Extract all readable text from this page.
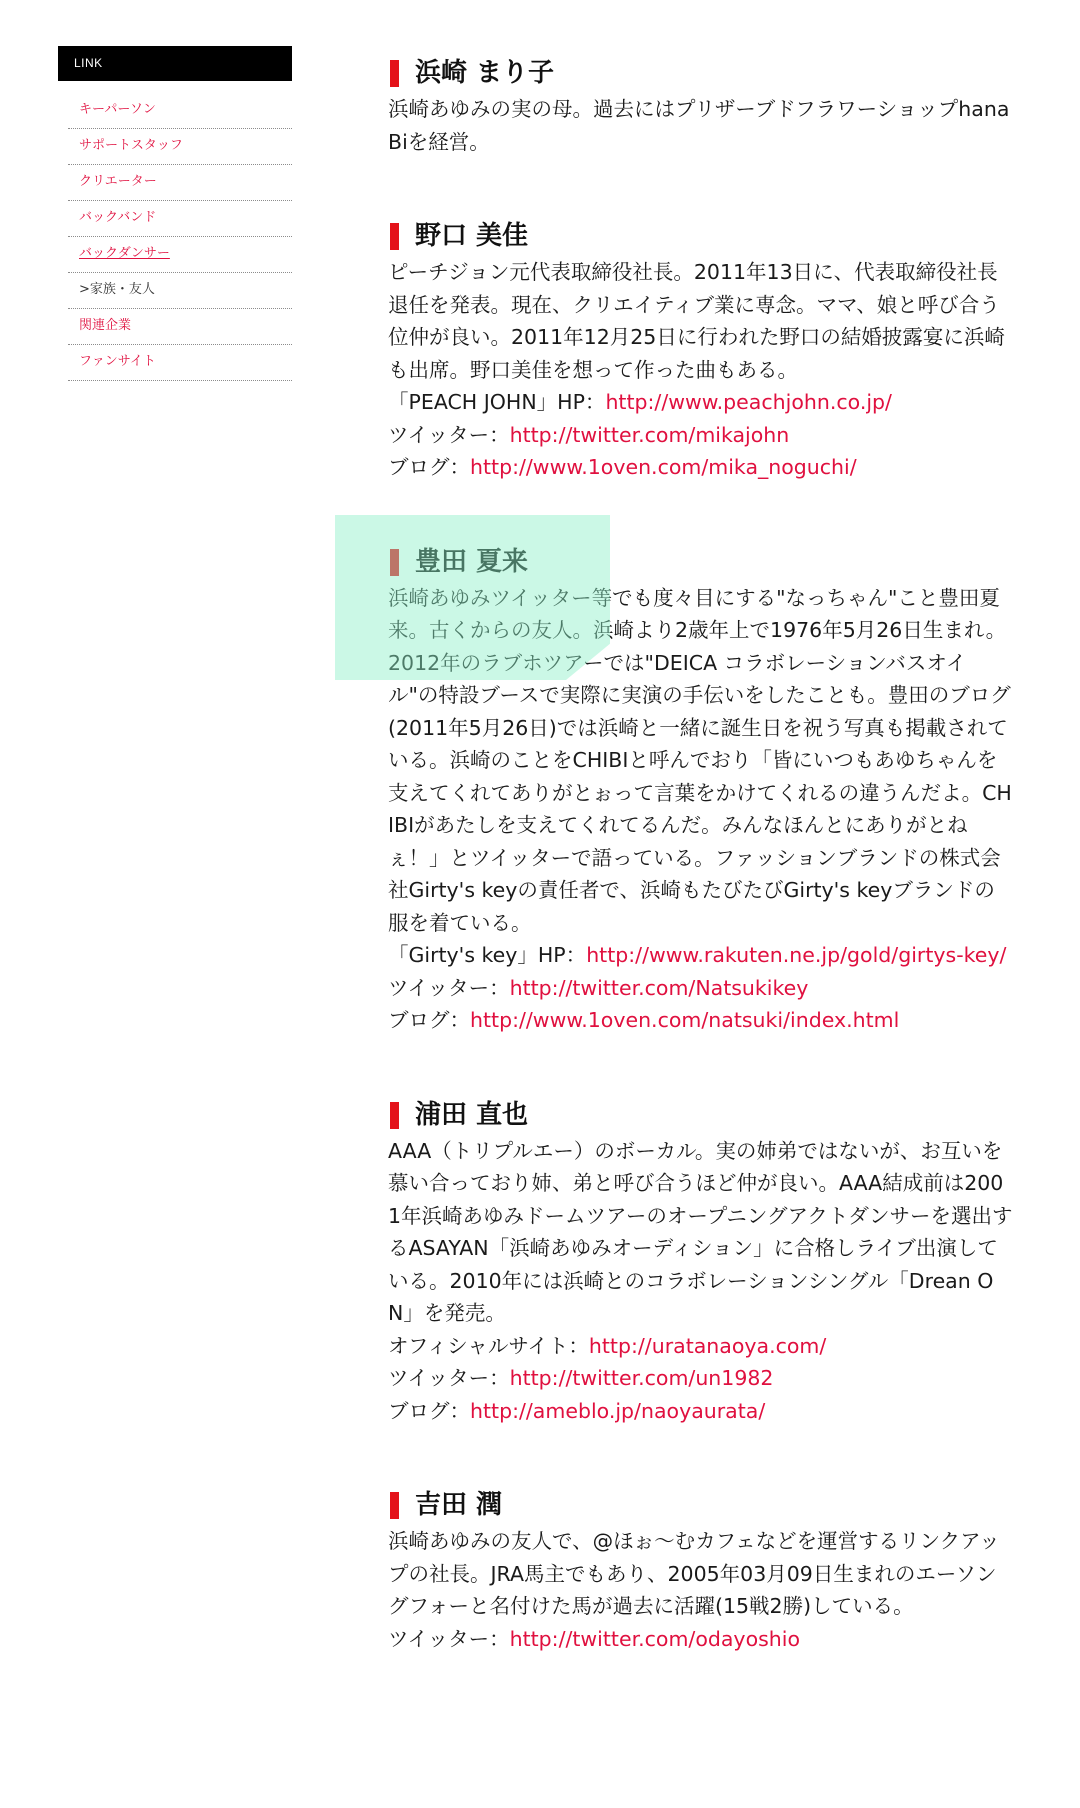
LINK
キーパーソン
サポートスタッフ
クリエーター
バックバンド
バックダンサー
>家族・友人
関連企業
ファンサイト
浜崎 まり子

浜崎あゆみの実の母。過去にはプリザーブドフラワーショップhanaBiを経営。

野口 美佳

ピーチジョン元代表取締役社長。2011年13日に、代表取締役社長退任を発表。現在、クリエイティブ業に専念。ママ、娘と呼び合う位仲が良い。2011年12月25日に行われた野口の結婚披露宴に浜崎も出席。野口美佳を想って作った曲もある。

「PEACH JOHN」HP：http://www.peachjohn.co.jp/
ツイッター：http://twitter.com/mikajohn
ブログ：http://www.1oven.com/mika_noguchi/
豊田 夏来

浜崎あゆみツイッター等でも度々目にする"なっちゃん"こと豊田夏来。古くからの友人。浜崎より2歳年上で1976年5月26日生まれ。2012年のラブホツアーでは"DEICA コラボレーションバスオイル"の特設ブースで実際に実演の手伝いをしたことも。豊田のブログ(2011年5月26日)では浜崎と一緒に誕生日を祝う写真も掲載されている。浜崎のことをCHIBIと呼んでおり「皆にいつもあゆちゃんを支えてくれてありがとぉって言葉をかけてくれるの違うんだよ。CHIBIがあたしを支えてくれてるんだ。みんなほんとにありがとねぇ！」とツイッターで語っている。ファッションブランドの株式会社Girty's keyの責任者で、浜崎もたびたびGirty's keyブランドの服を着ている。

「Girty's key」HP：http://www.rakuten.ne.jp/gold/girtys-key/
ツイッター：http://twitter.com/Natsukikey
ブログ：http://www.1oven.com/natsuki/index.html
浦田 直也

AAA（トリプルエー）のボーカル。実の姉弟ではないが、お互いを慕い合っており姉、弟と呼び合うほど仲が良い。AAA結成前は2001年浜崎あゆみドームツアーのオープニングアクトダンサーを選出するASAYAN「浜崎あゆみオーディション」に合格しライブ出演している。2010年には浜崎とのコラボレーションシングル「Drean ON」を発売。

オフィシャルサイト：http://uratanaoya.com/
ツイッター：http://twitter.com/un1982
ブログ：http://ameblo.jp/naoyaurata/
吉田 潤

浜崎あゆみの友人で、@ほぉ～むカフェなどを運営するリンクアップの社長。JRA馬主でもあり、2005年03月09日生まれのエーソングフォーと名付けた馬が過去に活躍(15戦2勝)している。

ツイッター：http://twitter.com/odayoshio
